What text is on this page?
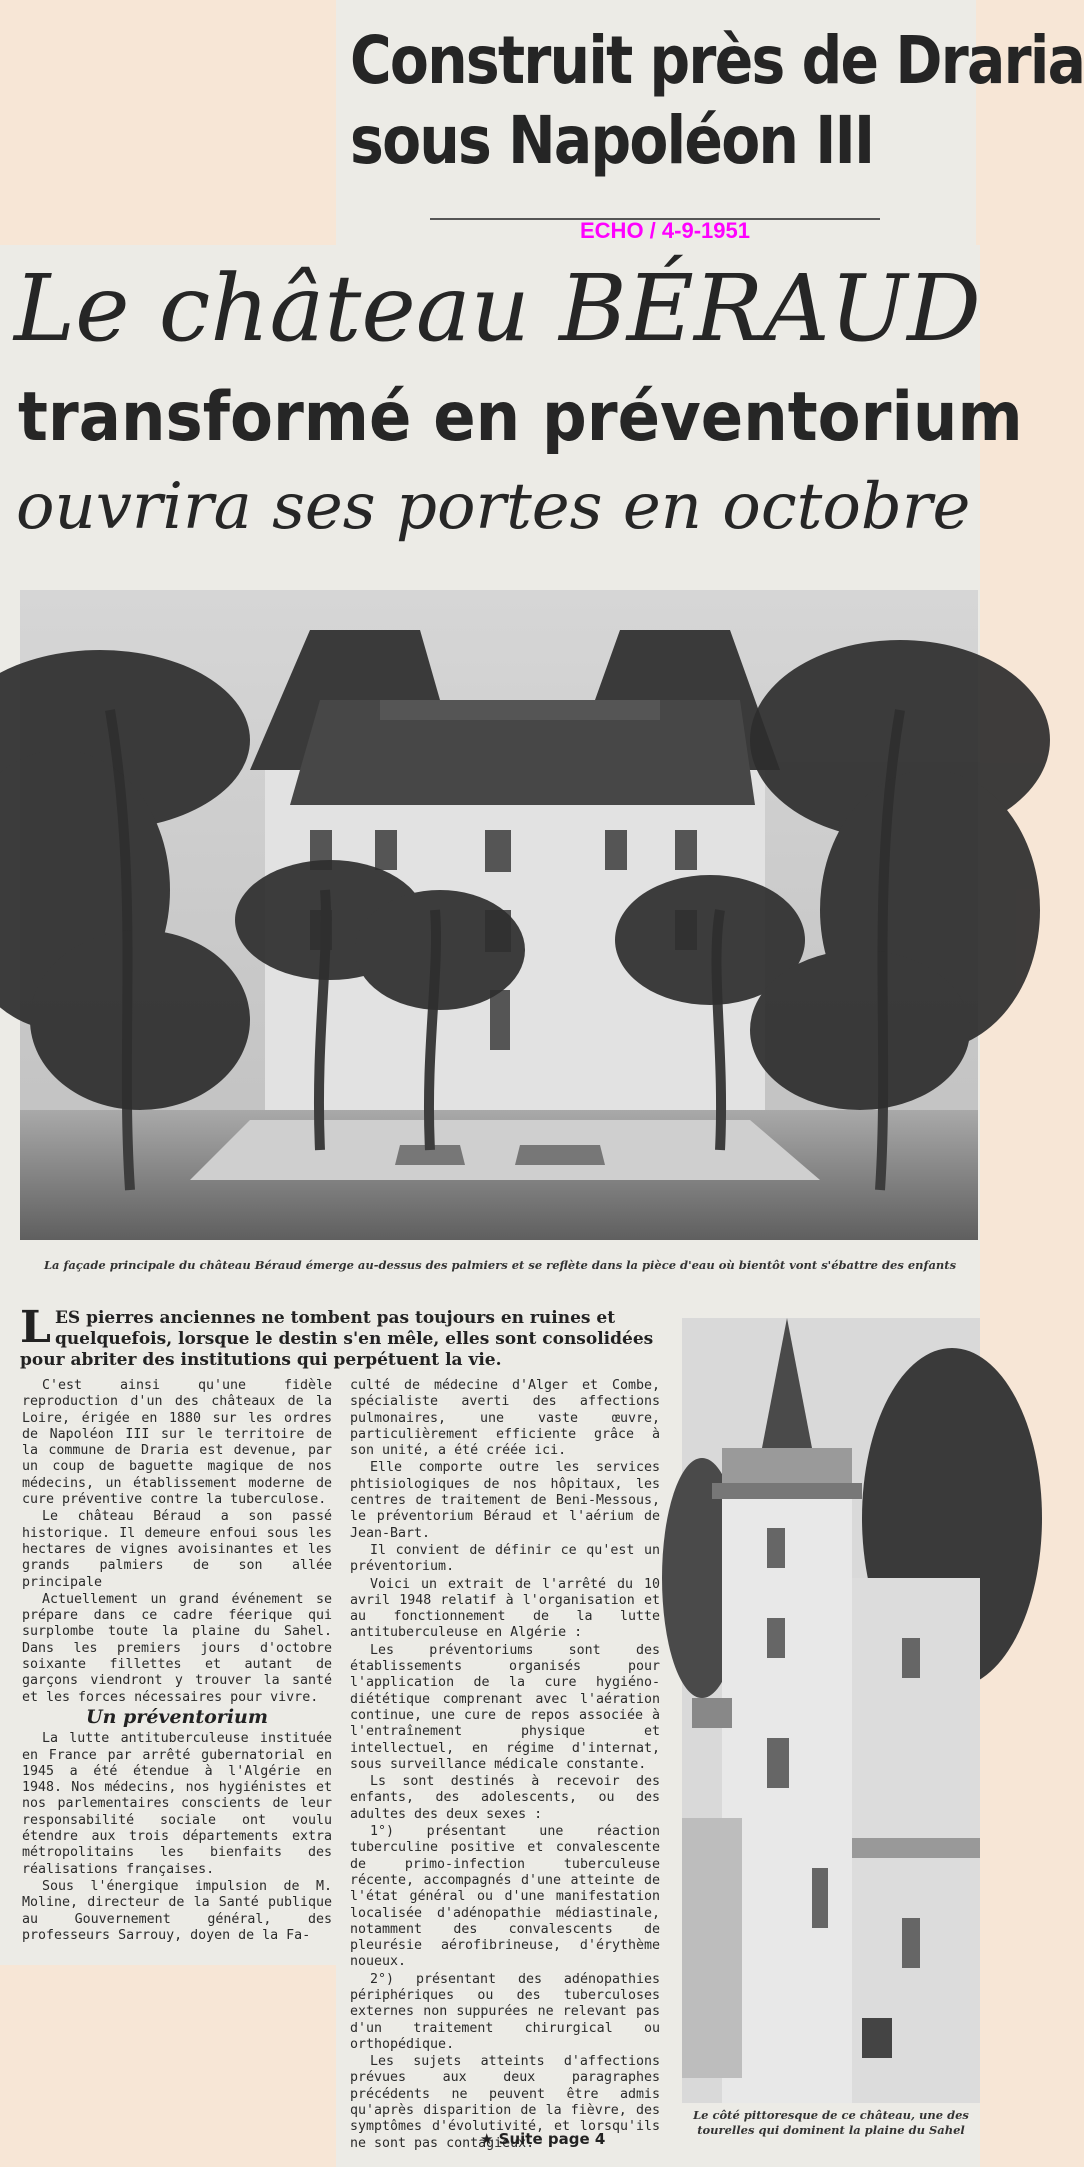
Construit près de Draria
sous Napoléon III
ECHO / 4-9-1951
Le château BÉRAUD
transformé en préventorium
ouvrira ses portes en octobre
La façade principale du château Béraud émerge au-dessus des palmiers et se reflète dans la pièce d'eau où bientôt vont s'ébattre des enfants
LES pierres anciennes ne tombent pas toujours en ruines et quelquefois, lorsque le destin s'en mêle, elles sont consolidées pour abriter des institutions qui perpétuent la vie.

C'est ainsi qu'une fidèle reproduction d'un des châteaux de la Loire, érigée en 1880 sur les ordres de Napoléon III sur le territoire de la commune de Draria est devenue, par un coup de baguette magique de nos médecins, un établissement moderne de cure préventive contre la tuberculose.

Le château Béraud a son passé historique. Il demeure enfoui sous les hectares de vignes avoisinantes et les grands palmiers de son allée principale

Actuellement un grand événement se prépare dans ce cadre féerique qui surplombe toute la plaine du Sahel. Dans les premiers jours d'octobre soixante fillettes et autant de garçons viendront y trouver la santé et les forces nécessaires pour vivre.

Un préventorium

La lutte antituberculeuse instituée en France par arrêté gubernatorial en 1945 a été étendue à l'Algérie en 1948. Nos médecins, nos hygiénistes et nos parlementaires conscients de leur responsabilité sociale ont voulu étendre aux trois départements extra métropolitains les bienfaits des réalisations françaises.

Sous l'énergique impulsion de M. Moline, directeur de la Santé publique au Gouvernement général, des professeurs Sarrouy, doyen de la Fa-

culté de médecine d'Alger et Combe, spécialiste averti des affections pulmonaires, une vaste œuvre, particulièrement efficiente grâce à son unité, a été créée ici.

Elle comporte outre les services phtisiologiques de nos hôpitaux, les centres de traitement de Beni-Messous, le préventorium Béraud et l'aérium de Jean-Bart.

Il convient de définir ce qu'est un préventorium.

Voici un extrait de l'arrêté du 10 avril 1948 relatif à l'organisation et au fonctionnement de la lutte antituberculeuse en Algérie :

Les préventoriums sont des établissements organisés pour l'application de la cure hygiéno-diététique comprenant avec l'aération continue, une cure de repos associée à l'entraînement physique et intellectuel, en régime d'internat, sous surveillance médicale constante.

Ls sont destinés à recevoir des enfants, des adolescents, ou des adultes des deux sexes :

1°) présentant une réaction tuberculine positive et convalescente de primo-infection tuberculeuse récente, accompagnés d'une atteinte de l'état général ou d'une manifestation localisée d'adénopathie médiastinale, notamment des convalescents de pleurésie aérofibrineuse, d'érythème noueux.

2°) présentant des adénopathies périphériques ou des tuberculoses externes non suppurées ne relevant pas d'un traitement chirurgical ou orthopédique.

Les sujets atteints d'affections prévues aux deux paragraphes précédents ne peuvent être admis qu'après disparition de la fièvre, des symptômes d'évolutivité, et lorsqu'ils ne sont pas contagieux.

★ Suite page 4
Le côté pittoresque de ce château, une des tourelles qui dominent la plaine du Sahel
